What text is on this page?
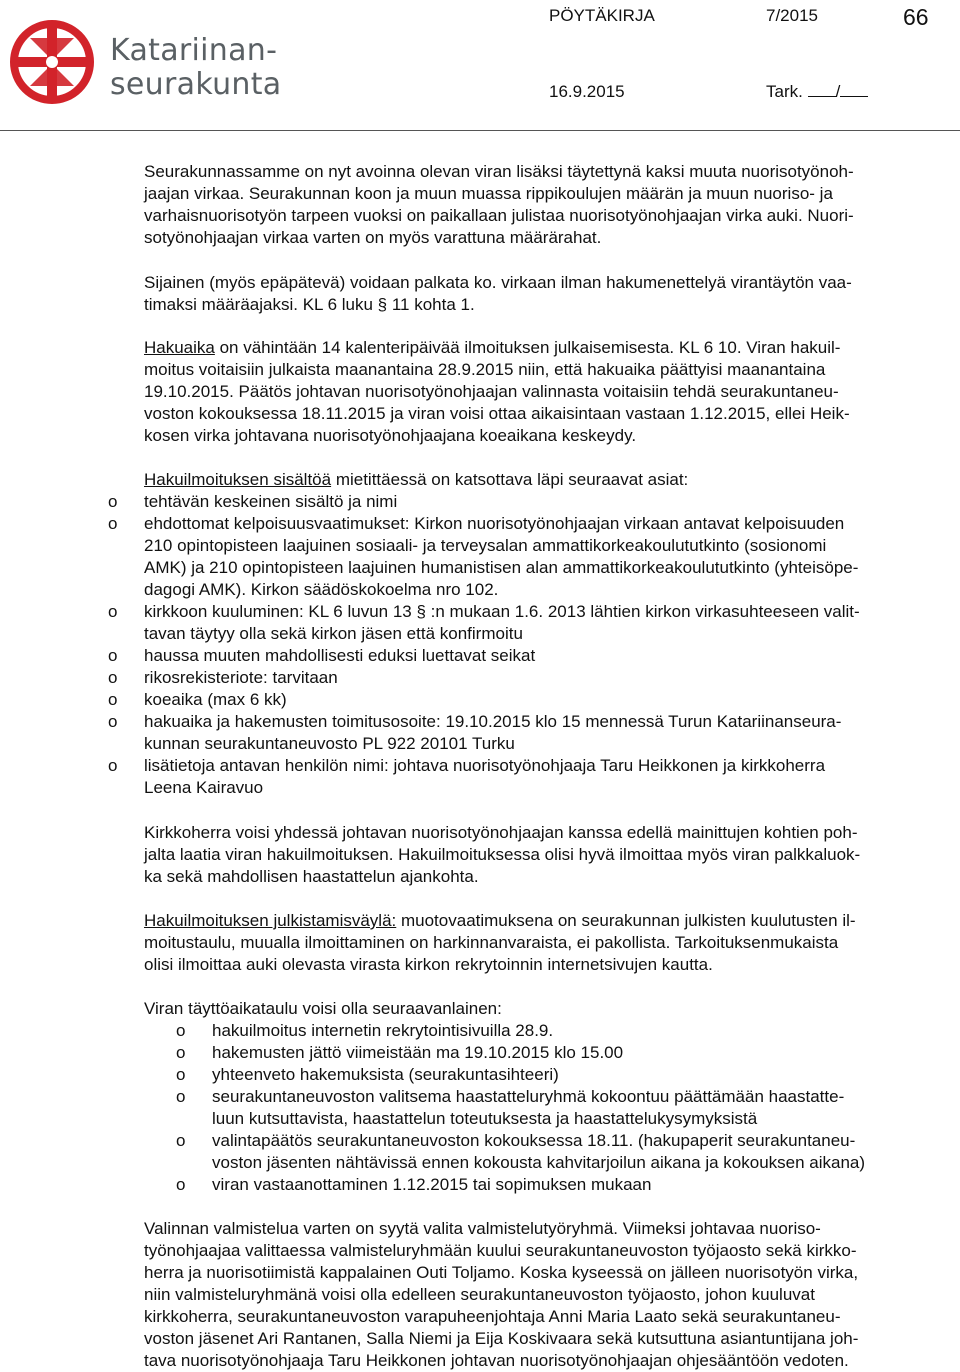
Katariinan-
seurakunta
PÖYTÄKIRJA	7/2015	66
16.9.2015	Tark. /
Seurakunnassamme on nyt avoinna olevan viran lisäksi täytettynä kaksi muuta nuorisotyönoh-
jaajan virkaa. Seurakunnan koon ja muun muassa rippikoulujen määrän ja muun nuoriso- ja
varhaisnuorisotyön tarpeen vuoksi on paikallaan julistaa nuorisotyönohjaajan virka auki. Nuori-
sotyönohjaajan virkaa varten on myös varattuna määrärahat.
Sijainen (myös epäpätevä) voidaan palkata ko. virkaan ilman hakumenettelyä virantäytön vaa-
timaksi määräajaksi. KL 6 luku § 11 kohta 1.
Hakuaika on vähintään 14 kalenteripäivää ilmoituksen julkaisemisesta. KL 6 10. Viran hakuil-
moitus voitaisiin julkaista maanantaina 28.9.2015 niin, että hakuaika päättyisi maanantaina
19.10.2015. Päätös johtavan nuorisotyönohjaajan valinnasta voitaisiin tehdä seurakuntaneu-
voston kokouksessa 18.11.2015 ja viran voisi ottaa aikaisintaan vastaan 1.12.2015, ellei Heik-
kosen virka johtavana nuorisotyönohjaajana koeaikana keskeydy.
Hakuilmoituksen sisältöä mietittäessä on katsottava läpi seuraavat asiat:
o tehtävän keskeinen sisältö ja nimi
o ehdottomat kelpoisuusvaatimukset: Kirkon nuorisotyönohjaajan virkaan antavat kelpoisuuden
210 opintopisteen laajuinen sosiaali- ja terveysalan ammattikorkeakoulututkinto (sosionomi
AMK) ja 210 opintopisteen laajuinen humanistisen alan ammattikorkeakoulututkinto (yhteisöpe-
dagogi AMK). Kirkon säädöskokoelma nro 102.
o kirkkoon kuuluminen: KL 6 luvun 13 § :n mukaan 1.6. 2013 lähtien kirkon virkasuhteeseen valit-
tavan täytyy olla sekä kirkon jäsen että konfirmoitu
o haussa muuten mahdollisesti eduksi luettavat seikat
o rikosrekisteriote: tarvitaan
o koeaika (max 6 kk)
o hakuaika ja hakemusten toimitusosoite: 19.10.2015 klo 15 mennessä Turun Katariinanseura-
kunnan seurakuntaneuvosto PL 922 20101 Turku
o lisätietoja antavan henkilön nimi: johtava nuorisotyönohjaaja Taru Heikkonen ja kirkkoherra
Leena Kairavuo
Kirkkoherra voisi yhdessä johtavan nuorisotyönohjaajan kanssa edellä mainittujen kohtien poh-
jalta laatia viran hakuilmoituksen. Hakuilmoituksessa olisi hyvä ilmoittaa myös viran palkkaluok-
ka sekä mahdollisen haastattelun ajankohta.
Hakuilmoituksen julkistamisväylä: muotovaatimuksena on seurakunnan julkisten kuulutusten il-
moitustaulu, muualla ilmoittaminen on harkinnanvaraista, ei pakollista. Tarkoituksenmukaista
olisi ilmoittaa auki olevasta virasta kirkon rekrytoinnin internetsivujen kautta.
Viran täyttöaikataulu voisi olla seuraavanlainen:
o hakuilmoitus internetin rekrytointisivuilla 28.9.
o hakemusten jättö viimeistään ma 19.10.2015 klo 15.00
o yhteenveto hakemuksista (seurakuntasihteeri)
o seurakuntaneuvoston valitsema haastatteluryhmä kokoontuu päättämään haastatte-
luun kutsuttavista, haastattelun toteutuksesta ja haastattelukysymyksistä
o valintapäätös seurakuntaneuvoston kokouksessa 18.11. (hakupaperit seurakuntaneu-
voston jäsenten nähtävissä ennen kokousta kahvitarjoilun aikana ja kokouksen aikana)
o viran vastaanottaminen 1.12.2015 tai sopimuksen mukaan
Valinnan valmistelua varten on syytä valita valmistelutyöryhmä. Viimeksi johtavaa nuoriso-
työnohjaajaa valittaessa valmisteluryhmään kuului seurakuntaneuvoston työjaosto sekä kirkko-
herra ja nuorisotiimistä kappalainen Outi Toljamo. Koska kyseessä on jälleen nuorisotyön virka,
niin valmisteluryhmänä voisi olla edelleen seurakuntaneuvoston työjaosto, johon kuuluvat
kirkkoherra, seurakuntaneuvoston varapuheenjohtaja Anni Maria Laato sekä seurakuntaneu-
voston jäsenet Ari Rantanen, Salla Niemi ja Eija Koskivaara sekä kutsuttuna asiantuntijana joh-
tava nuorisotyönohjaaja Taru Heikkonen johtavan nuorisotyönohjaajan ohjesääntöön vedoten.
